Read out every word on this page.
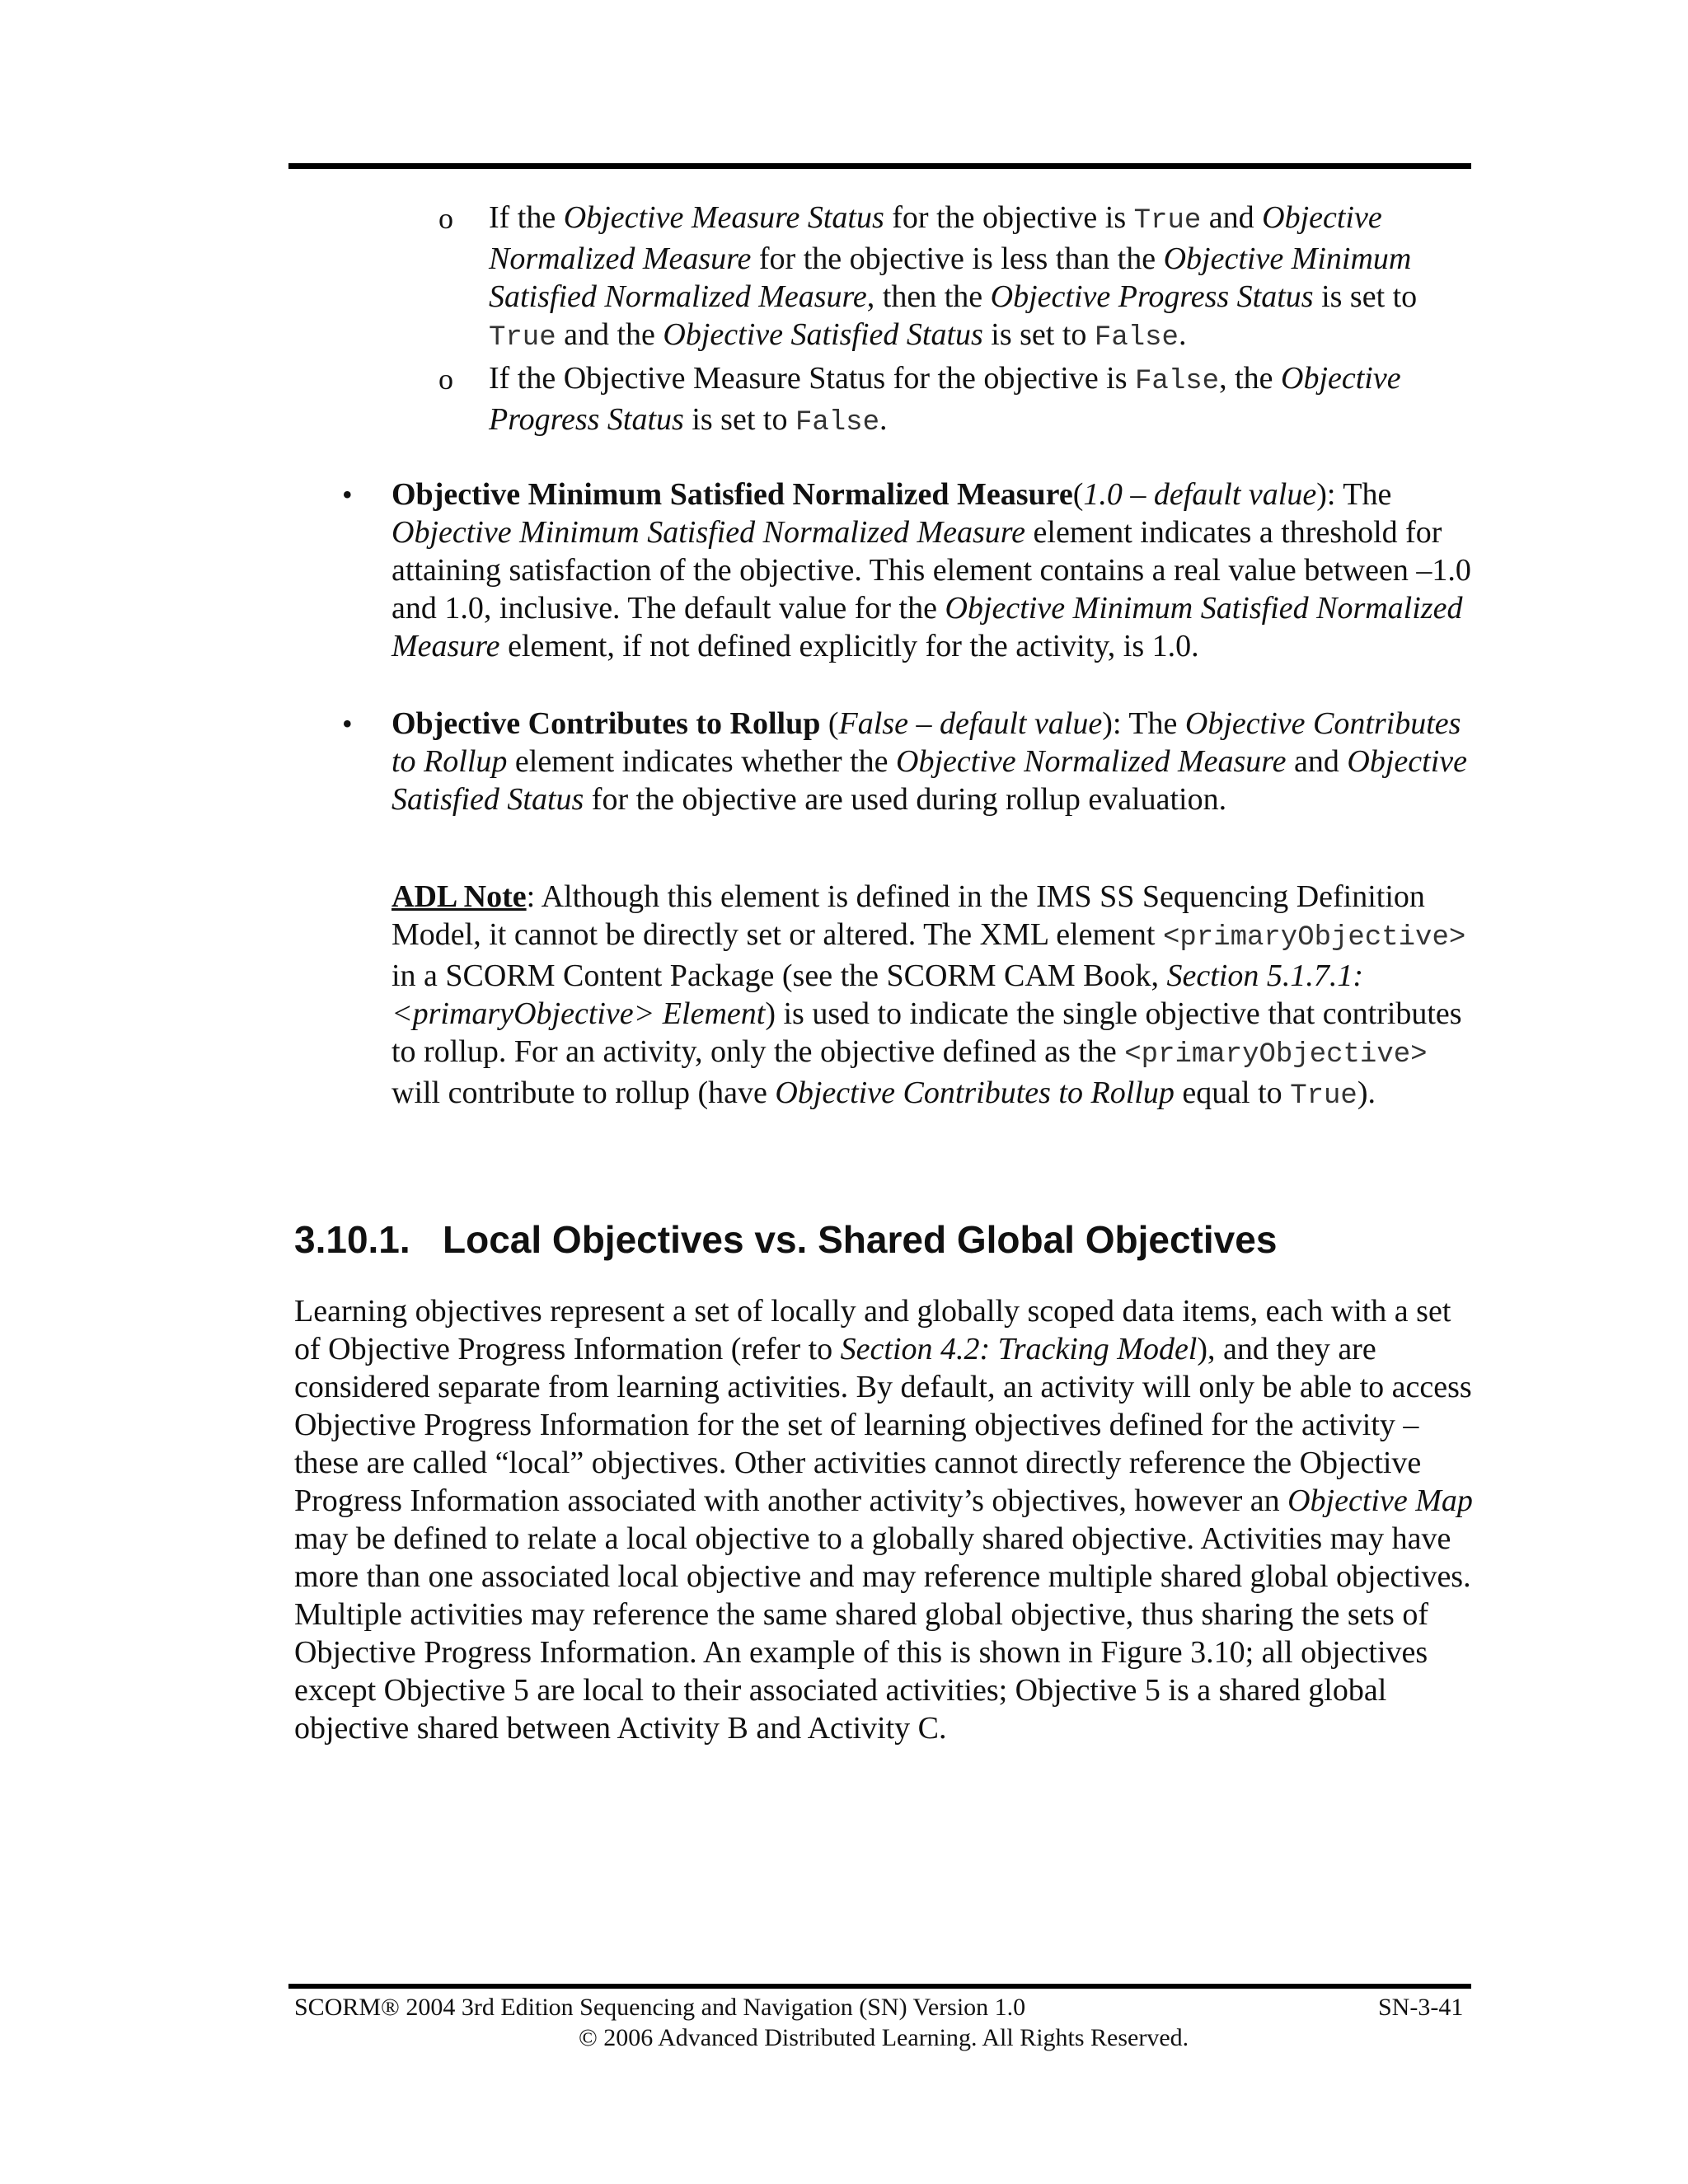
o If the Objective Measure Status for the objective is True and Objective Normalized Measure for the objective is less than the Objective Minimum Satisfied Normalized Measure, then the Objective Progress Status is set to True and the Objective Satisfied Status is set to False.
o If the Objective Measure Status for the objective is False, the Objective Progress Status is set to False.
• Objective Minimum Satisfied Normalized Measure(1.0 – default value): The Objective Minimum Satisfied Normalized Measure element indicates a threshold for attaining satisfaction of the objective. This element contains a real value between –1.0 and 1.0, inclusive. The default value for the Objective Minimum Satisfied Normalized Measure element, if not defined explicitly for the activity, is 1.0.
• Objective Contributes to Rollup (False – default value): The Objective Contributes to Rollup element indicates whether the Objective Normalized Measure and Objective Satisfied Status for the objective are used during rollup evaluation.
ADL Note: Although this element is defined in the IMS SS Sequencing Definition Model, it cannot be directly set or altered. The XML element <primaryObjective> in a SCORM Content Package (see the SCORM CAM Book, Section 5.1.7.1: <primaryObjective> Element) is used to indicate the single objective that contributes to rollup. For an activity, only the objective defined as the <primaryObjective> will contribute to rollup (have Objective Contributes to Rollup equal to True).
3.10.1. Local Objectives vs. Shared Global Objectives
Learning objectives represent a set of locally and globally scoped data items, each with a set of Objective Progress Information (refer to Section 4.2: Tracking Model), and they are considered separate from learning activities. By default, an activity will only be able to access Objective Progress Information for the set of learning objectives defined for the activity – these are called “local” objectives. Other activities cannot directly reference the Objective Progress Information associated with another activity’s objectives, however an Objective Map may be defined to relate a local objective to a globally shared objective. Activities may have more than one associated local objective and may reference multiple shared global objectives. Multiple activities may reference the same shared global objective, thus sharing the sets of Objective Progress Information. An example of this is shown in Figure 3.10; all objectives except Objective 5 are local to their associated activities; Objective 5 is a shared global objective shared between Activity B and Activity C.
SCORM® 2004 3rd Edition Sequencing and Navigation (SN) Version 1.0	SN-3-41
© 2006 Advanced Distributed Learning. All Rights Reserved.
